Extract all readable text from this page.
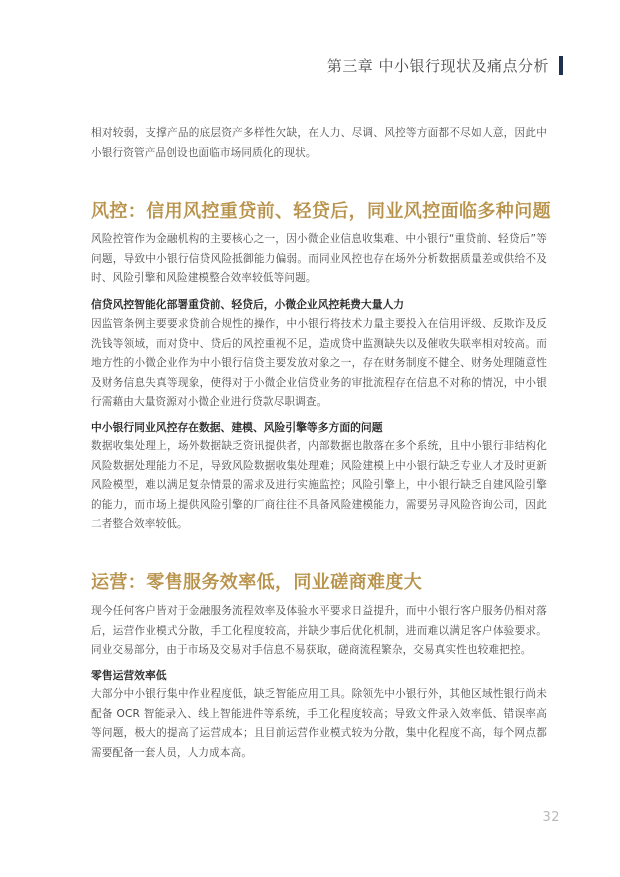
第三章 中小银行现状及痛点分析

相对较弱，支撑产品的底层资产多样性欠缺，在人力、尽调、风控等方面都不尽如人意，因此中小银行资管产品创设也面临市场同质化的现状。

风控：信用风控重贷前、轻贷后，同业风控面临多种问题

风险控管作为金融机构的主要核心之一，因小微企业信息收集难、中小银行“重贷前、轻贷后”等问题，导致中小银行信贷风险抵御能力偏弱。而同业风控也存在场外分析数据质量差或供给不及时、风险引擎和风险建模整合效率较低等问题。

信贷风控智能化部署重贷前、轻贷后，小微企业风控耗费大量人力

因监管条例主要要求贷前合规性的操作，中小银行将技术力量主要投入在信用评级、反欺诈及反洗钱等领域，而对贷中、贷后的风控重视不足，造成贷中监测缺失以及催收失联率相对较高。而地方性的小微企业作为中小银行信贷主要发放对象之一，存在财务制度不健全、财务处理随意性及财务信息失真等现象，使得对于小微企业信贷业务的审批流程存在信息不对称的情况，中小银行需藉由大量资源对小微企业进行贷款尽职调查。

中小银行同业风控存在数据、建模、风险引擎等多方面的问题

数据收集处理上，场外数据缺乏资讯提供者，内部数据也散落在多个系统，且中小银行非结构化风险数据处理能力不足，导致风险数据收集处理难；风险建模上中小银行缺乏专业人才及时更新风险模型，难以满足复杂情景的需求及进行实施监控；风险引擎上，中小银行缺乏自建风险引擎的能力，而市场上提供风险引擎的厂商往往不具备风险建模能力，需要另寻风险咨询公司，因此二者整合效率较低。

运营：零售服务效率低，同业磋商难度大

现今任何客户皆对于金融服务流程效率及体验水平要求日益提升，而中小银行客户服务仍相对落后，运营作业模式分散，手工化程度较高，并缺少事后优化机制，进而难以满足客户体验要求。同业交易部分，由于市场及交易对手信息不易获取，磋商流程繁杂，交易真实性也较难把控。

零售运营效率低

大部分中小银行集中作业程度低，缺乏智能应用工具。除领先中小银行外，其他区域性银行尚未配备 OCR 智能录入、线上智能进件等系统，手工化程度较高；导致文件录入效率低、错误率高等问题，极大的提高了运营成本；且目前运营作业模式较为分散，集中化程度不高，每个网点都需要配备一套人员，人力成本高。

32
